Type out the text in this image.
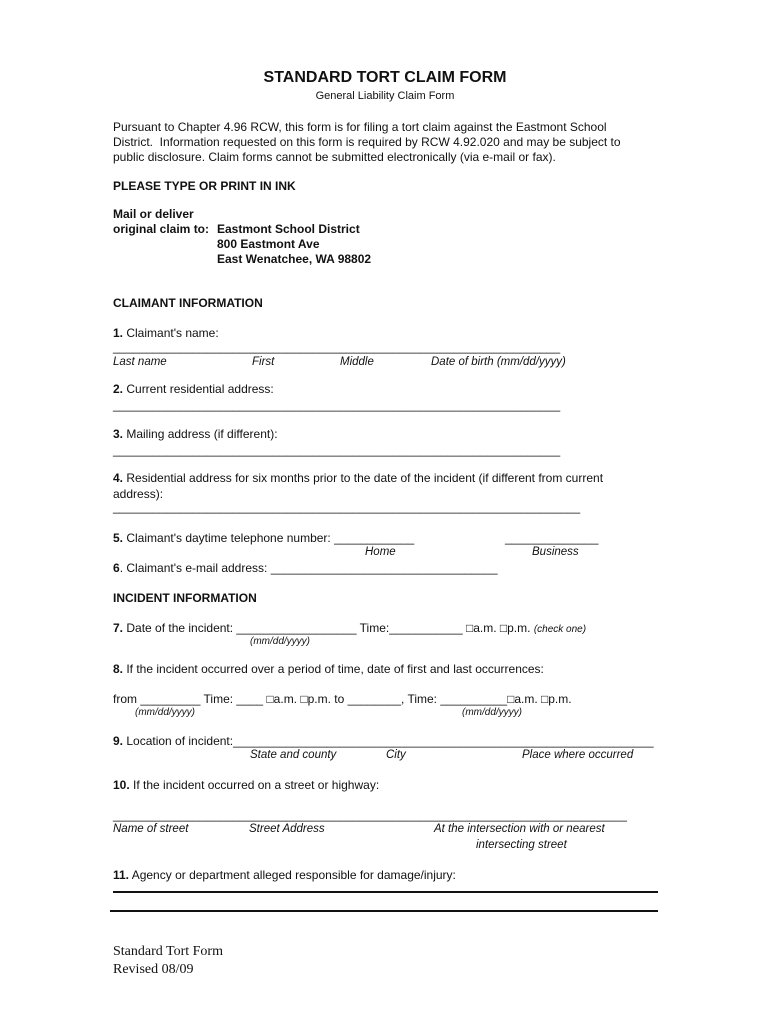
STANDARD TORT CLAIM FORM
General Liability Claim Form
Pursuant to Chapter 4.96 RCW, this form is for filing a tort claim against the Eastmont School
District.  Information requested on this form is required by RCW 4.92.020 and may be subject to
public disclosure. Claim forms cannot be submitted electronically (via e-mail or fax).
PLEASE TYPE OR PRINT IN INK
Mail or deliver
original claim to: Eastmont School District
800 Eastmont Ave
East Wenatchee, WA 98802
CLAIMANT INFORMATION
1. Claimant's name:
___________________________________________________________________
Last name	First	Middle	Date of birth (mm/dd/yyyy)
2. Current residential address:
___________________________________________________________________
3. Mailing address (if different):
___________________________________________________________________
4. Residential address for six months prior to the date of the incident (if different from current
address):
______________________________________________________________________
5. Claimant's daytime telephone number: ____________	______________
Home	Business
6. Claimant's e-mail address: __________________________________
INCIDENT INFORMATION
7. Date of the incident: __________________ Time:___________ □a.m. □p.m. (check one)
(mm/dd/yyyy)
8. If the incident occurred over a period of time, date of first and last occurrences:
from _________ Time: ____ □a.m. □p.m. to ________, Time: __________□a.m. □p.m.
(mm/dd/yyyy)	(mm/dd/yyyy)
9. Location of incident:_______________________________________________________________
State and county	City	Place where occurred
10. If the incident occurred on a street or highway:
_____________________________________________________________________________
Name of street	Street Address	At the intersection with or nearest
intersecting street
11. Agency or department alleged responsible for damage/injury:
Standard Tort Form
Revised 08/09
